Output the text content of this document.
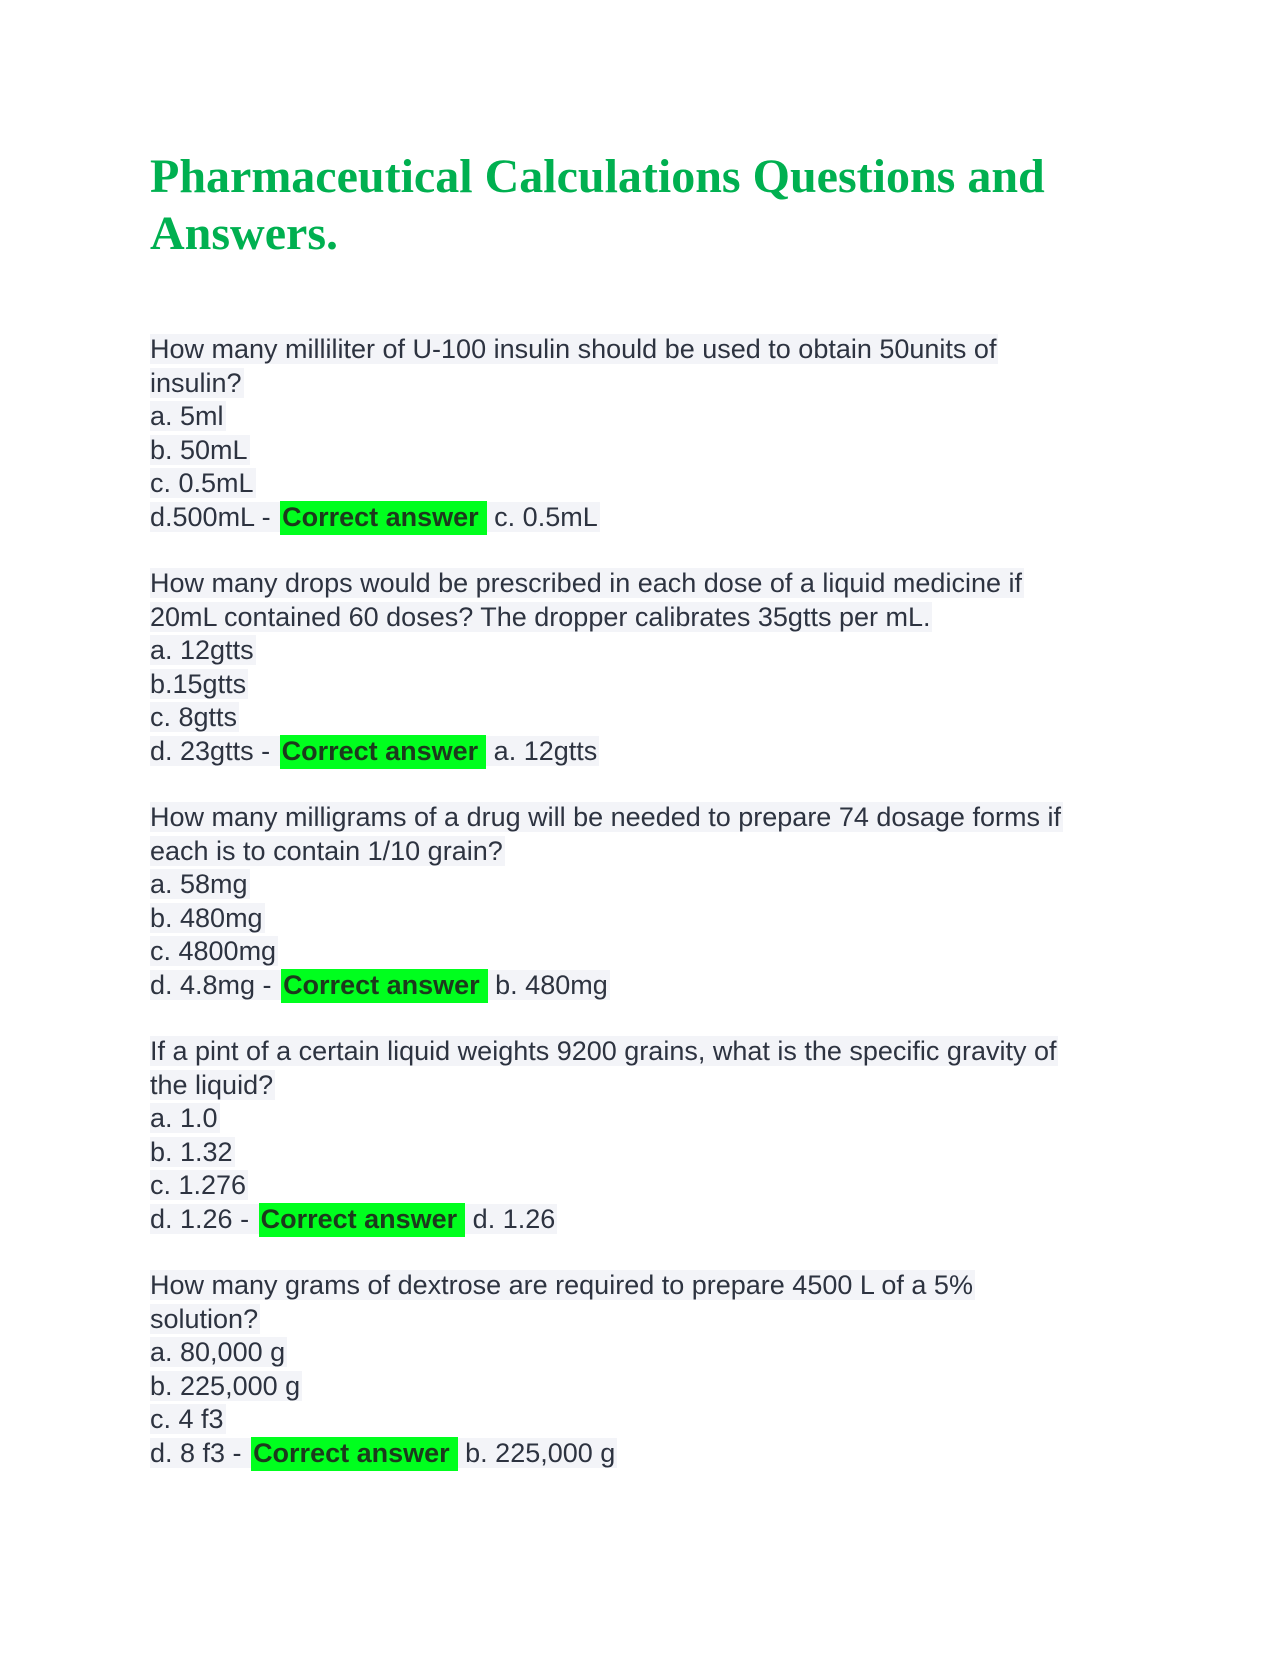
Pharmaceutical Calculations Questions and Answers.
How many milliliter of U-100 insulin should be used to obtain 50units of insulin?
a. 5ml
b. 50mL
c. 0.5mL
d.500mL - Correct answer c. 0.5mL
How many drops would be prescribed in each dose of a liquid medicine if 20mL contained 60 doses? The dropper calibrates 35gtts per mL.
a. 12gtts
b.15gtts
c. 8gtts
d. 23gtts - Correct answer a. 12gtts
How many milligrams of a drug will be needed to prepare 74 dosage forms if each is to contain 1/10 grain?
a. 58mg
b. 480mg
c. 4800mg
d. 4.8mg - Correct answer b. 480mg
If a pint of a certain liquid weights 9200 grains, what is the specific gravity of the liquid?
a. 1.0
b. 1.32
c. 1.276
d. 1.26 - Correct answer d. 1.26
How many grams of dextrose are required to prepare 4500 L of a 5% solution?
a. 80,000 g
b. 225,000 g
c. 4 f3
d. 8 f3 - Correct answer b. 225,000 g
